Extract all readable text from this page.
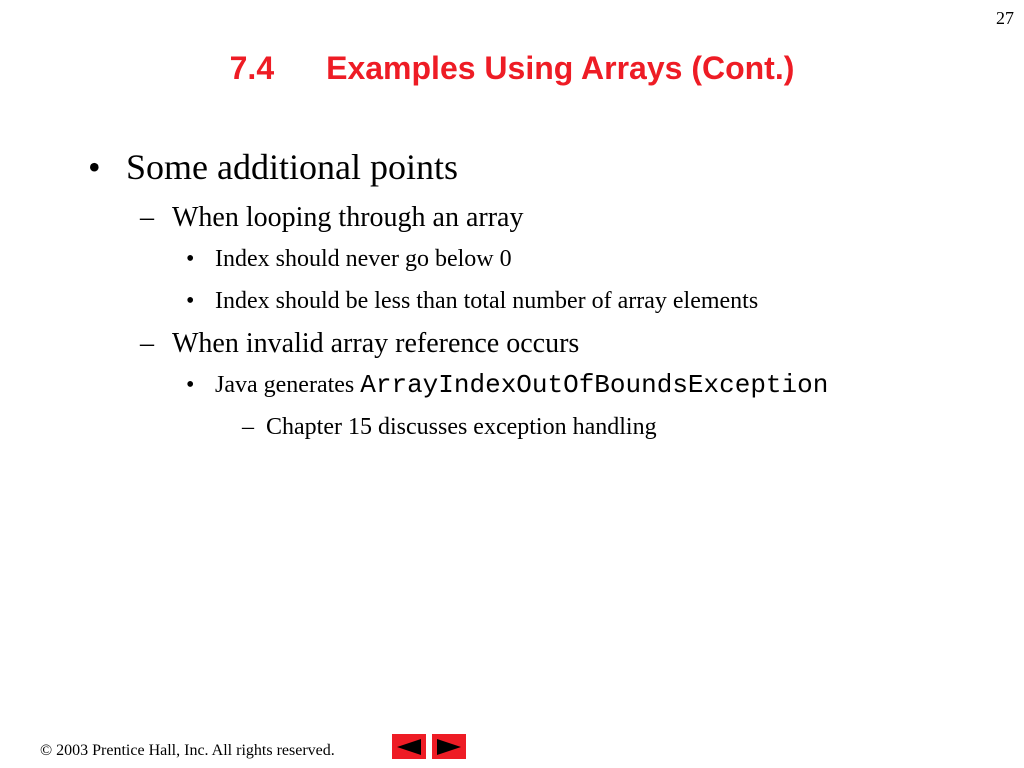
27
7.4 Examples Using Arrays (Cont.)
• Some additional points
– When looping through an array
• Index should never go below 0
• Index should be less than total number of array elements
– When invalid array reference occurs
• Java generates ArrayIndexOutOfBoundsException
– Chapter 15 discusses exception handling
© 2003 Prentice Hall, Inc. All rights reserved.
